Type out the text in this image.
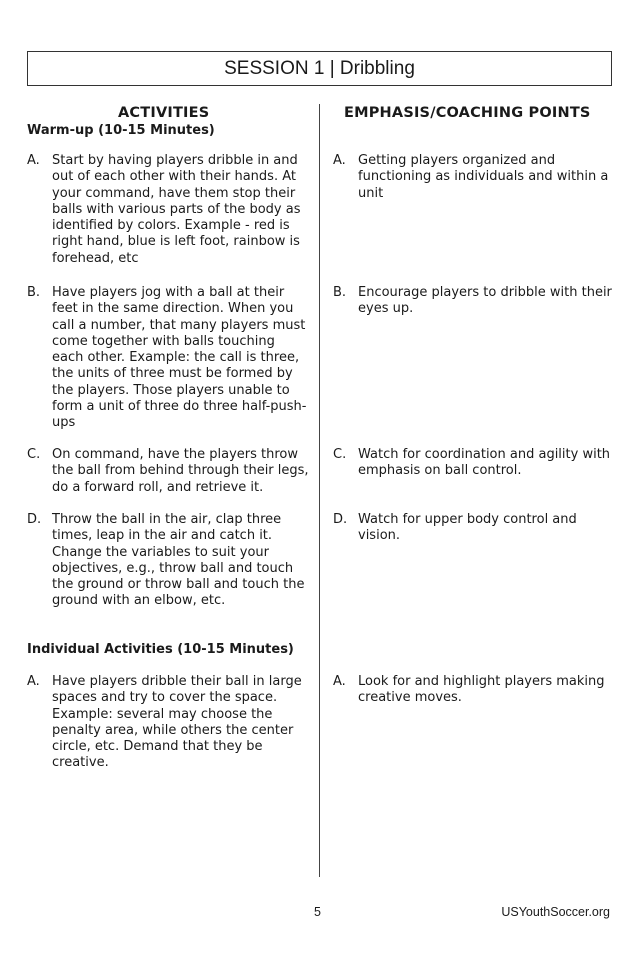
SESSION 1 | Dribbling
ACTIVITIES	EMPHASIS/COACHING POINTS
Warm-up (10-15 Minutes)
A. Start by having players dribble in and out of each other with their hands. At your command, have them stop their balls with various parts of the body as identified by colors. Example - red is right hand, blue is left foot, rainbow is forehead, etc
B. Have players jog with a ball at their feet in the same direction. When you call a number, that many players must come together with balls touching each other. Example: the call is three, the units of three must be formed by the players. Those players unable to form a unit of three do three half-push-ups
C. On command, have the players throw the ball from behind through their legs, do a forward roll, and retrieve it.
D. Throw the ball in the air, clap three times, leap in the air and catch it. Change the variables to suit your objectives, e.g., throw ball and touch the ground or throw ball and touch the ground with an elbow, etc.
A. Getting players organized and functioning as individuals and within a unit
B. Encourage players to dribble with their eyes up.
C. Watch for coordination and agility with emphasis on ball control.
D. Watch for upper body control and vision.
Individual Activities (10-15 Minutes)
A. Have players dribble their ball in large spaces and try to cover the space. Example: several may choose the penalty area, while others the center circle, etc. Demand that they be creative.
A. Look for and highlight players making creative moves.
5	USYouthSoccer.org
